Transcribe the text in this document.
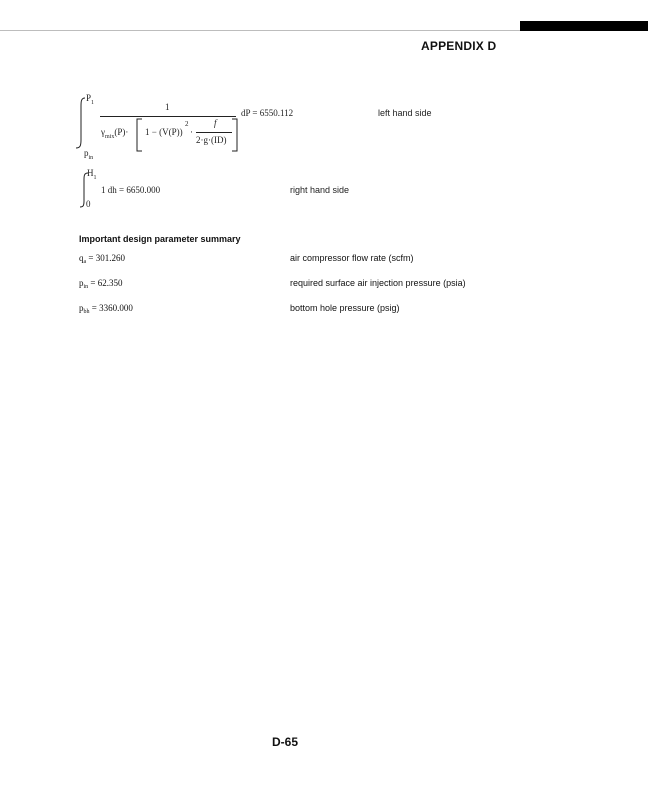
APPENDIX D
$P_1$
$p_{in}$
1
$\gamma_{mix}(P)\cdot 1 - (V(P))$
2
·
f
2·g·(ID)
dP = 6550.112	left hand side
$H_1$
0
1 dh = 6650.000	right hand side
Important design parameter summary
$q_a = 301.260$	air compressor flow rate (scfm)
$p_{in} = 62.350$	required surface air injection pressure (psia)
$p_{bh} = 3360.000$	bottom hole pressure (psig)
D-65
